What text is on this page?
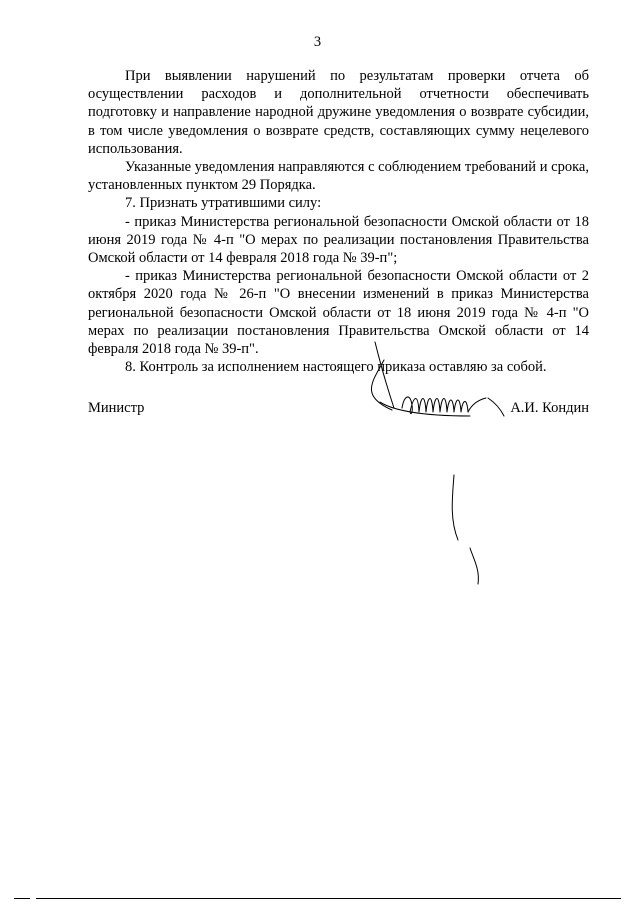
3

При выявлении нарушений по результатам проверки отчета об осуществлении расходов и дополнительной отчетности обеспечивать подготовку и направление народной дружине уведомления о возврате субсидии, в том числе уведомления о возврате средств, составляющих сумму нецелевого использования.

Указанные уведомления направляются с соблюдением требований и срока, установленных пунктом 29 Порядка.

7. Признать утратившими силу:

- приказ Министерства региональной безопасности Омской области от 18 июня 2019 года № 4-п "О мерах по реализации постановления Правительства Омской области от 14 февраля 2018 года № 39-п";

- приказ Министерства региональной безопасности Омской области от 2 октября 2020 года № 26-п "О внесении изменений в приказ Министерства региональной безопасности Омской области от 18 июня 2019 года № 4-п "О мерах по реализации постановления Правительства Омской области от 14 февраля 2018 года № 39-п".

8. Контроль за исполнением настоящего приказа оставляю за собой.

Министр	А.И. Кондин
